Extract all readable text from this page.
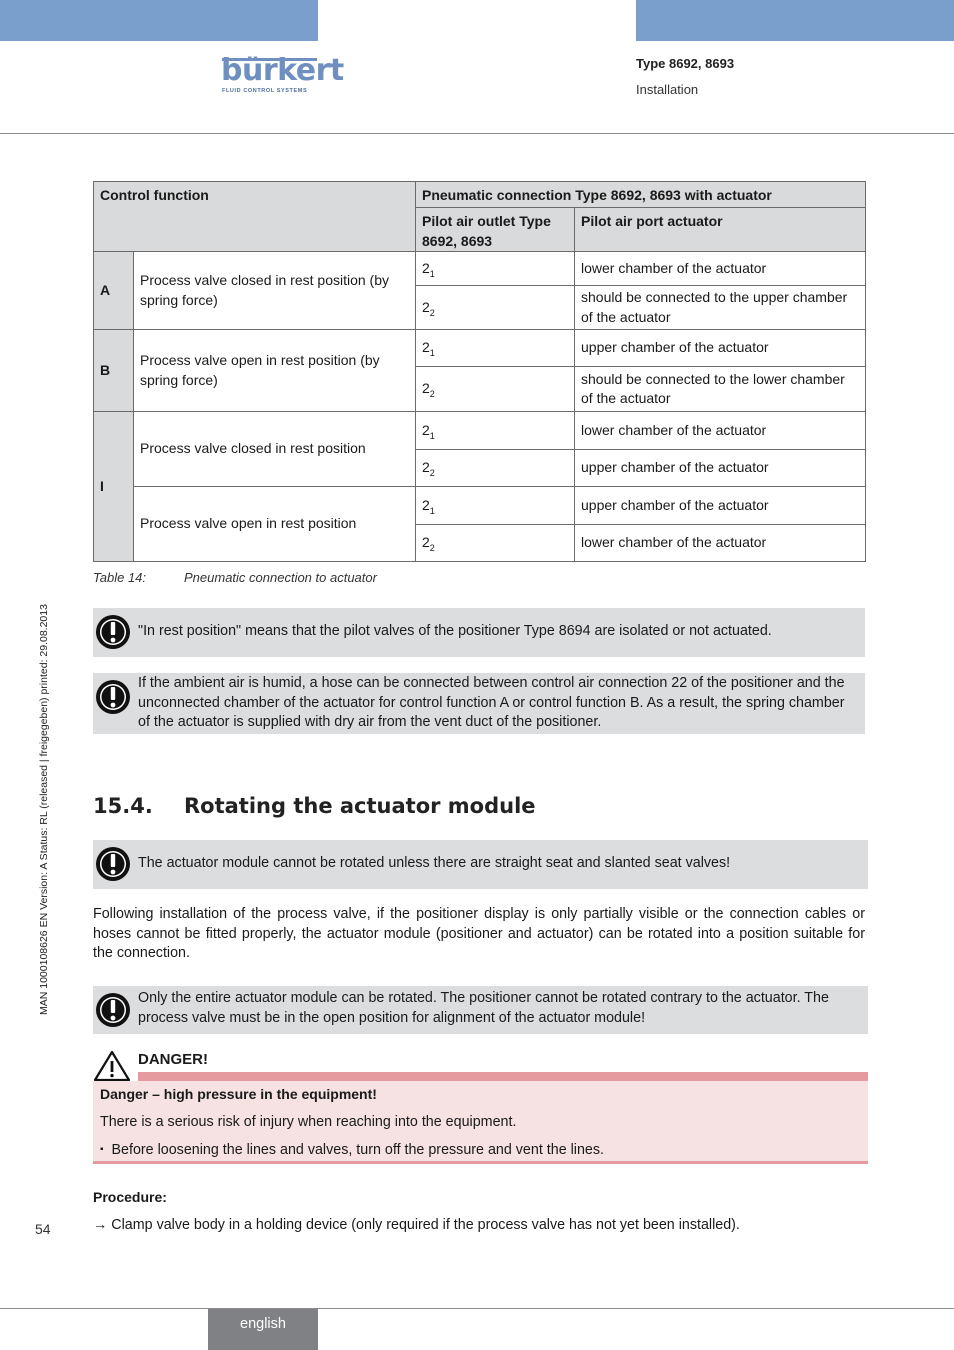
bürkert
FLUID CONTROL SYSTEMS
Type 8692, 8693
Installation
MAN 1000108626 EN Version: A Status: RL (released | freigegeben) printed: 29.08.2013
Control function		Pneumatic connection Type 8692, 8693 with actuator	
		Pilot air outlet Type 8692, 8693	Pilot air port actuator
A	Process valve closed in rest position (by spring force)	$2_1$	lower chamber of the actuator
		$2_2$	should be connected to the upper chamber of the actuator
B	Process valve open in rest position (by spring force)	$2_1$	upper chamber of the actuator
		$2_2$	should be connected to the lower chamber of the actuator
I	Process valve closed in rest position	$2_1$	lower chamber of the actuator
		$2_2$	upper chamber of the actuator
	Process valve open in rest position	$2_1$	upper chamber of the actuator
		$2_2$	lower chamber of the actuator
Table 14:	Pneumatic connection to actuator
"In rest position" means that the pilot valves of the positioner Type 8694 are isolated or not actuated.
If the ambient air is humid, a hose can be connected between control air connection 22 of the positioner and the unconnected chamber of the actuator for control function A or control function B. As a result, the spring chamber of the actuator is supplied with dry air from the vent duct of the positioner.
15.4. Rotating the actuator module
The actuator module cannot be rotated unless there are straight seat and slanted seat valves!
Following installation of the process valve, if the positioner display is only partially visible or the connection cables or hoses cannot be fitted properly, the actuator module (positioner and actuator) can be rotated into a position suitable for the connection.
Only the entire actuator module can be rotated. The positioner cannot be rotated contrary to the actuator. The process valve must be in the open position for alignment of the actuator module!
DANGER!
Danger – high pressure in the equipment!
There is a serious risk of injury when reaching into the equipment.
▪ Before loosening the lines and valves, turn off the pressure and vent the lines.
Procedure:
→ Clamp valve body in a holding device (only required if the process valve has not yet been installed).
54
english
